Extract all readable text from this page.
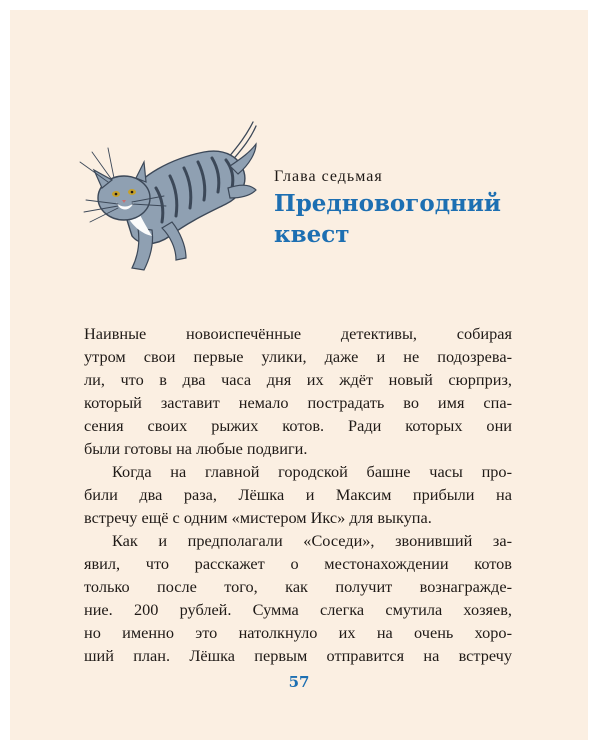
Глава седьмая
Предновогодний
квест
Наивные новоиспечённые детективы, собирая
утром свои первые улики, даже и не подозрева-
ли, что в два часа дня их ждёт новый сюрприз,
который заставит немало пострадать во имя спа-
сения своих рыжих котов. Ради которых они
были готовы на любые подвиги.
Когда на главной городской башне часы про-
били два раза, Лёшка и Максим прибыли на
встречу ещё с одним «мистером Икс» для выкупа.
Как и предполагали «Соседи», звонивший за-
явил, что расскажет о местонахождении котов
только после того, как получит вознагражде-
ние. 200 рублей. Сумма слегка смутила хозяев,
но именно это натолкнуло их на очень хоро-
ший план. Лёшка первым отправится на встречу
57
